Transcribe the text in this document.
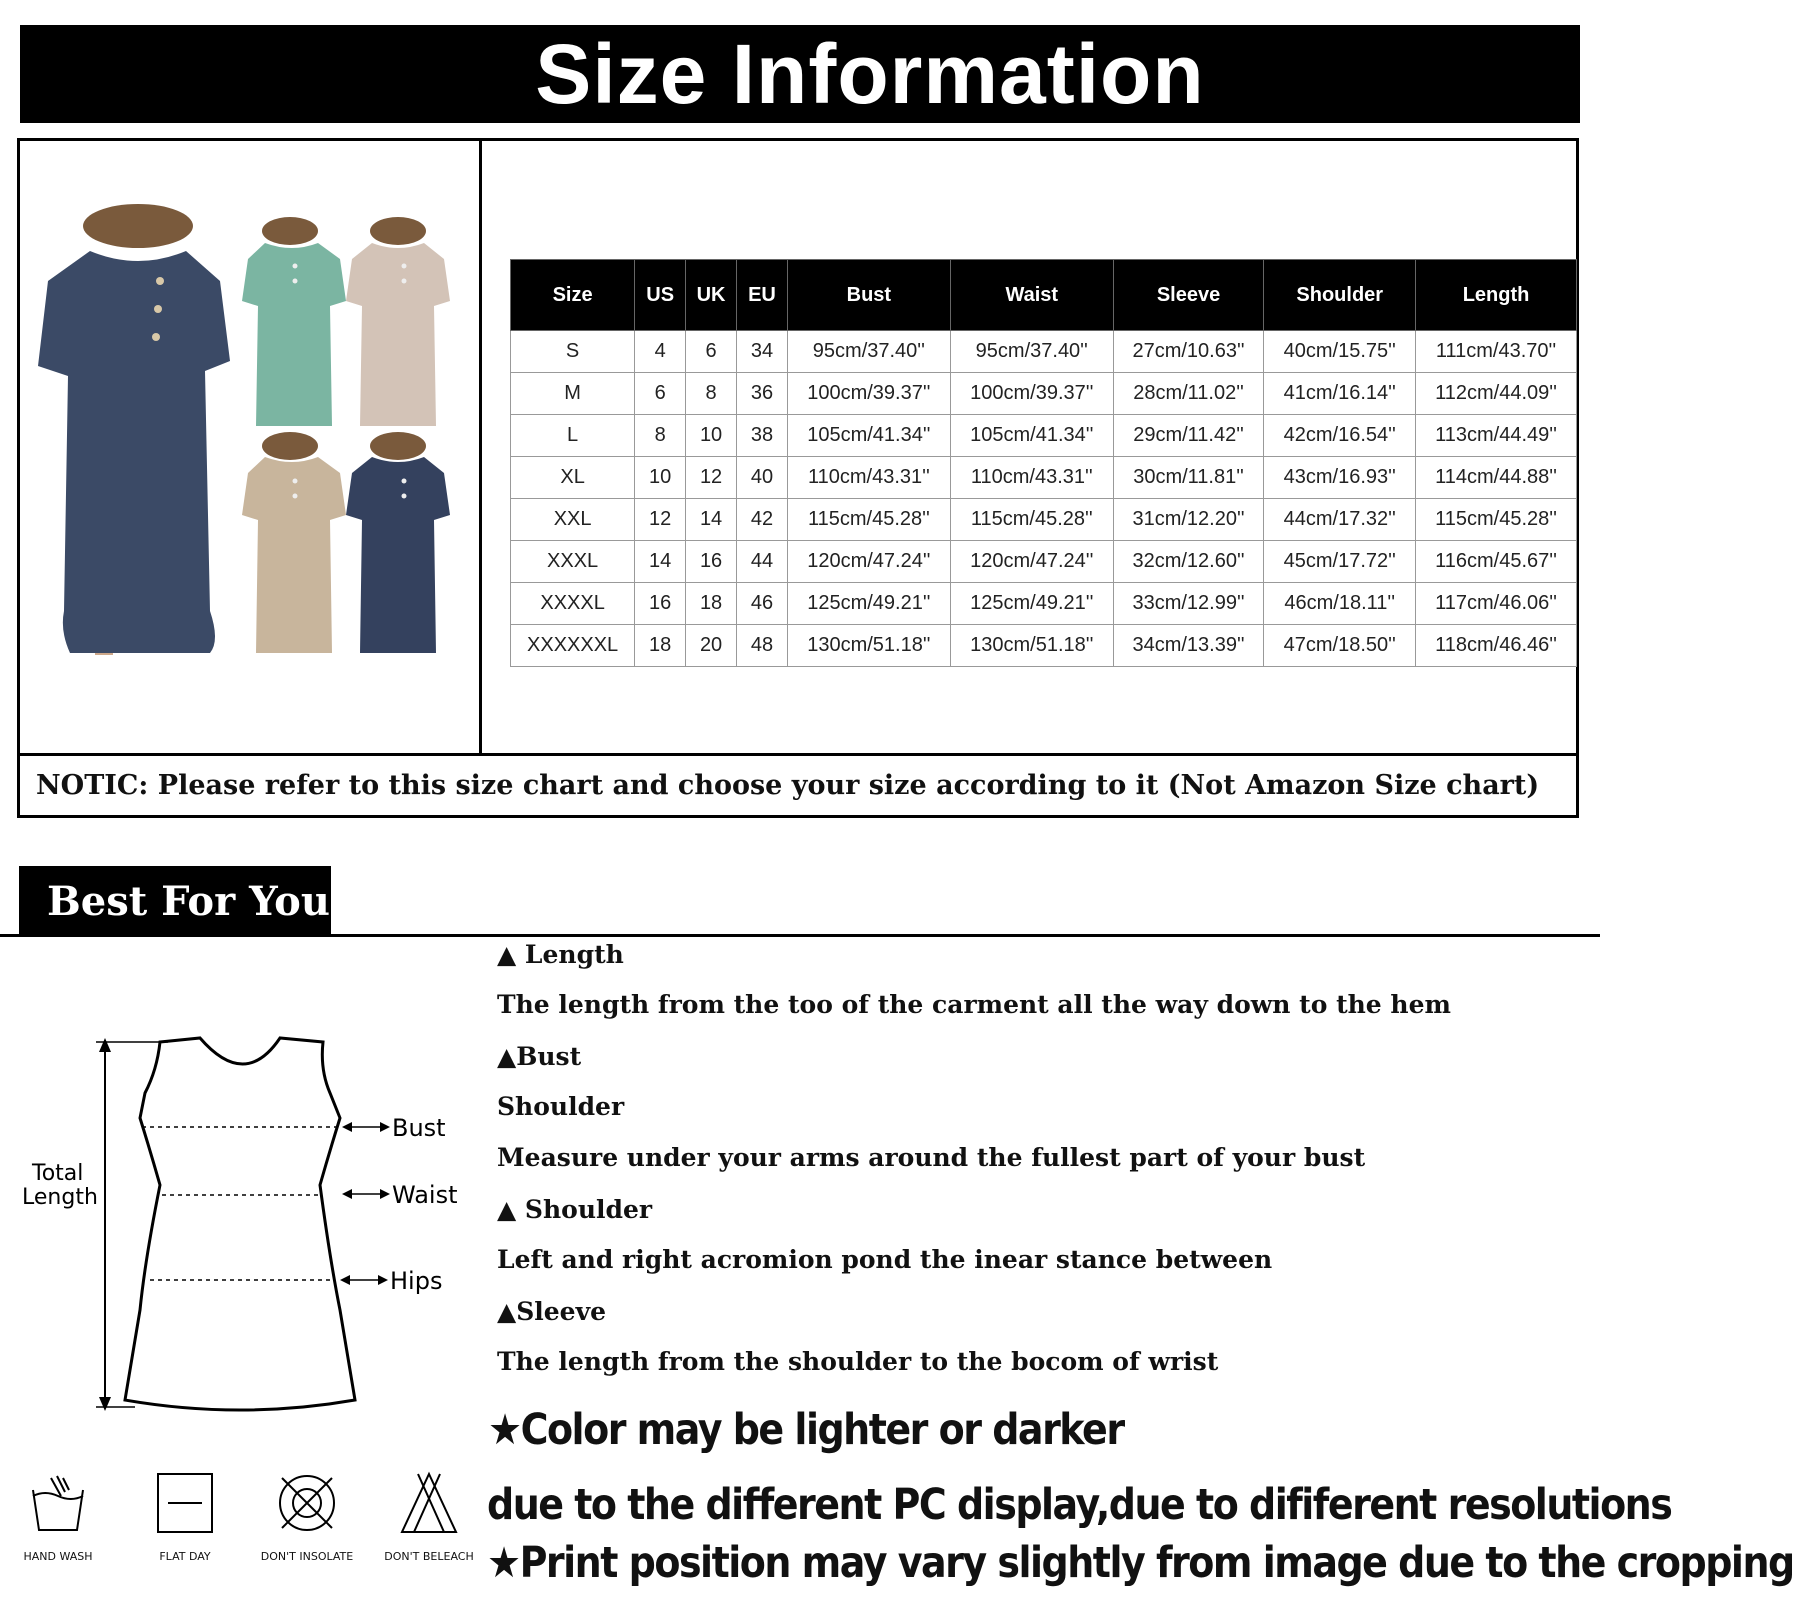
Size Information
Size	US	UK	EU	Bust	Waist	Sleeve	Shoulder	Length
S	4	6	34	95cm/37.40''	95cm/37.40''	27cm/10.63''	40cm/15.75''	111cm/43.70''
M	6	8	36	100cm/39.37''	100cm/39.37''	28cm/11.02''	41cm/16.14''	112cm/44.09''
L	8	10	38	105cm/41.34''	105cm/41.34''	29cm/11.42''	42cm/16.54''	113cm/44.49''
XL	10	12	40	110cm/43.31''	110cm/43.31''	30cm/11.81''	43cm/16.93''	114cm/44.88''
XXL	12	14	42	115cm/45.28''	115cm/45.28''	31cm/12.20''	44cm/17.32''	115cm/45.28''
XXXL	14	16	44	120cm/47.24''	120cm/47.24''	32cm/12.60''	45cm/17.72''	116cm/45.67''
XXXXL	16	18	46	125cm/49.21''	125cm/49.21''	33cm/12.99''	46cm/18.11''	117cm/46.06''
XXXXXXL	18	20	48	130cm/51.18''	130cm/51.18''	34cm/13.39''	47cm/18.50''	118cm/46.46''
NOTIC: Please refer to this size chart and choose your size according to it (Not Amazon Size chart)
Best For You
Total
Length
Bust
Waist
Hips
HAND WASH	FLAT DAY	DON'T INSOLATE	DON'T BELEACH
▲ Length
The length from the too of the carment all the way down to the hem
▲Bust
Shoulder
Measure under your arms around the fullest part of your bust
▲ Shoulder
Left and right acromion pond the inear stance between
▲Sleeve
The length from the shoulder to the bocom of wrist
★Color may be lighter or darker
due to the different PC display,due to dififerent resolutions
★Print position may vary slightly from image due to the cropping
